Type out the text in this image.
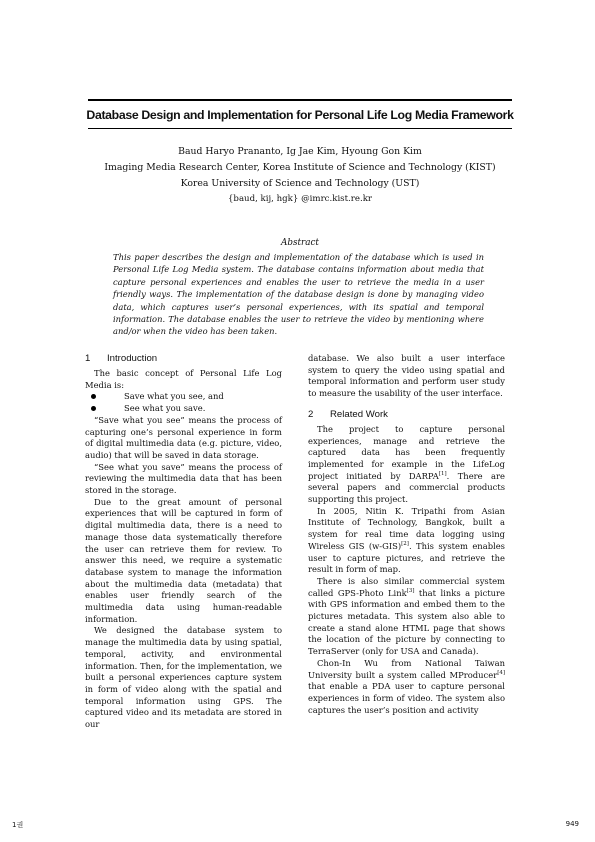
Database Design and Implementation for Personal Life Log Media Framework
Baud Haryo Prananto, Ig Jae Kim, Hyoung Gon Kim
Imaging Media Research Center, Korea Institute of Science and Technology (KIST)
Korea University of Science and Technology (UST)
{baud, kij, hgk} @imrc.kist.re.kr
Abstract

This paper describes the design and implementation of the database which is used in Personal Life Log Media system. The database contains information about media that capture personal experiences and enables the user to retrieve the media in a user friendly ways. The implementation of the database design is done by managing video data, which captures user’s personal experiences, with its spatial and temporal information. The database enables the user to retrieve the video by mentioning where and/or when the video has been taken.

1 Introduction

The basic concept of Personal Life Log Media is:

Save what you see, and
See what you save.

“Save what you see” means the process of capturing one’s personal experience in form of digital multimedia data (e.g. picture, video, audio) that will be saved in data storage.

“See what you save” means the process of reviewing the multimedia data that has been stored in the storage.

Due to the great amount of personal experiences that will be captured in form of digital multimedia data, there is a need to manage those data systematically therefore the user can retrieve them for review. To answer this need, we require a systematic database system to manage the information about the multimedia data (metadata) that enables user friendly search of the multimedia data using human-readable information.

We designed the database system to manage the multimedia data by using spatial, temporal, activity, and environmental information. Then, for the implementation, we built a personal experiences capture system in form of video along with the spatial and temporal information using GPS. The captured video and its metadata are stored in our

database. We also built a user interface system to query the video using spatial and temporal information and perform user study to measure the usability of the user interface.

2 Related Work

The project to capture personal experiences, manage and retrieve the captured data has been frequently implemented for example in the LifeLog project initiated by DARPA[1]. There are several papers and commercial products supporting this project.

In 2005, Nitin K. Tripathi from Asian Institute of Technology, Bangkok, built a system for real time data logging using Wireless GIS (w-GIS)[2]. This system enables user to capture pictures, and retrieve the result in form of map.

There is also similar commercial system called GPS-Photo Link[3] that links a picture with GPS information and embed them to the pictures metadata. This system also able to create a stand alone HTML page that shows the location of the picture by connecting to TerraServer (only for USA and Canada).

Chon-In Wu from National Taiwan University built a system called MProducer[4] that enable a PDA user to capture personal experiences in form of video. The system also captures the user’s position and activity

1권	949
